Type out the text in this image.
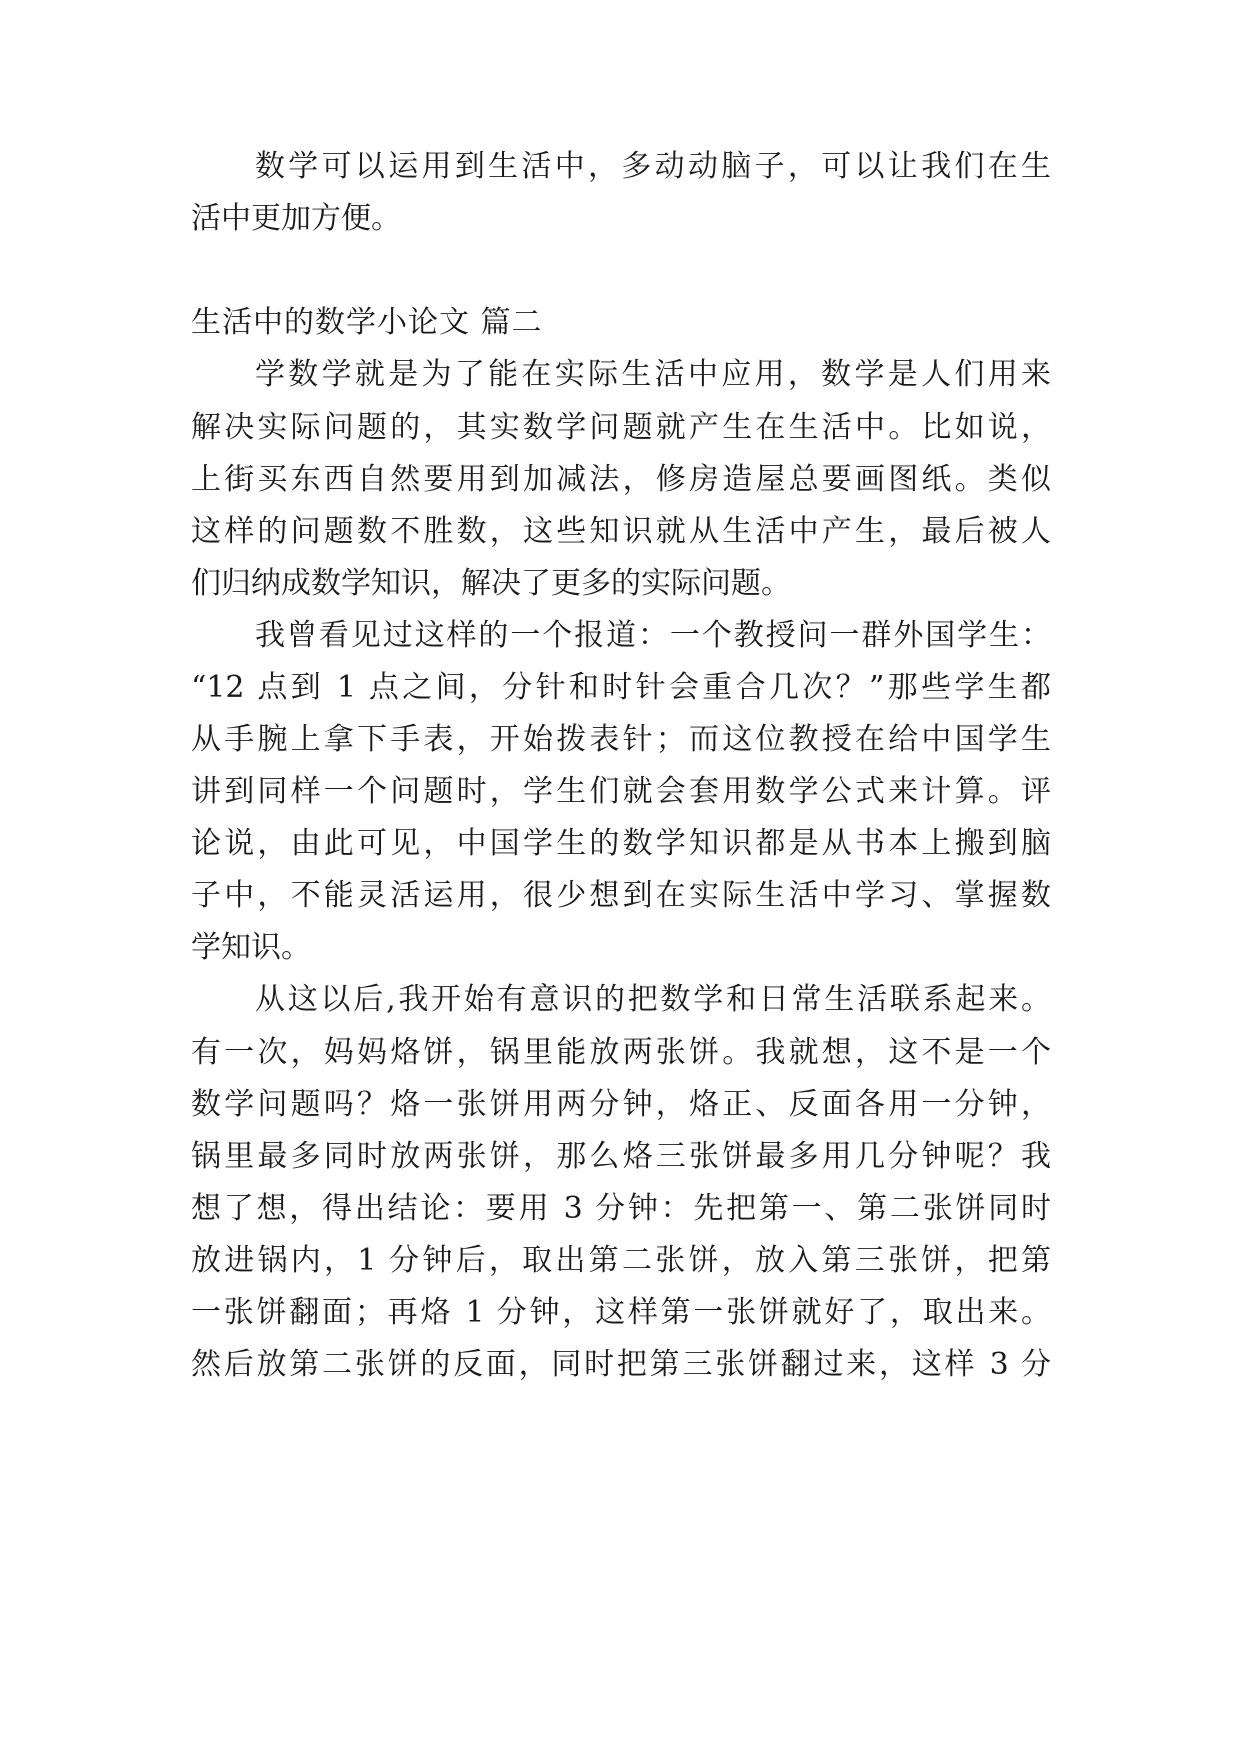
数学可以运用到生活中，多动动脑子，可以让我们在生
活中更加方便。
生活中的数学小论文 篇二
学数学就是为了能在实际生活中应用，数学是人们用来
解决实际问题的，其实数学问题就产生在生活中。比如说，
上街买东西自然要用到加减法，修房造屋总要画图纸。类似
这样的问题数不胜数，这些知识就从生活中产生，最后被人
们归纳成数学知识，解决了更多的实际问题。
我曾看见过这样的一个报道：一个教授问一群外国学生：
“12 点到 1 点之间，分针和时针会重合几次？”那些学生都
从手腕上拿下手表，开始拨表针；而这位教授在给中国学生
讲到同样一个问题时，学生们就会套用数学公式来计算。评
论说，由此可见，中国学生的数学知识都是从书本上搬到脑
子中，不能灵活运用，很少想到在实际生活中学习、掌握数
学知识。
从这以后,我开始有意识的把数学和日常生活联系起来。
有一次，妈妈烙饼，锅里能放两张饼。我就想，这不是一个
数学问题吗？烙一张饼用两分钟，烙正、反面各用一分钟，
锅里最多同时放两张饼，那么烙三张饼最多用几分钟呢？我
想了想，得出结论：要用 3 分钟：先把第一、第二张饼同时
放进锅内，1 分钟后，取出第二张饼，放入第三张饼，把第
一张饼翻面；再烙 1 分钟，这样第一张饼就好了，取出来。
然后放第二张饼的反面，同时把第三张饼翻过来，这样 3 分
